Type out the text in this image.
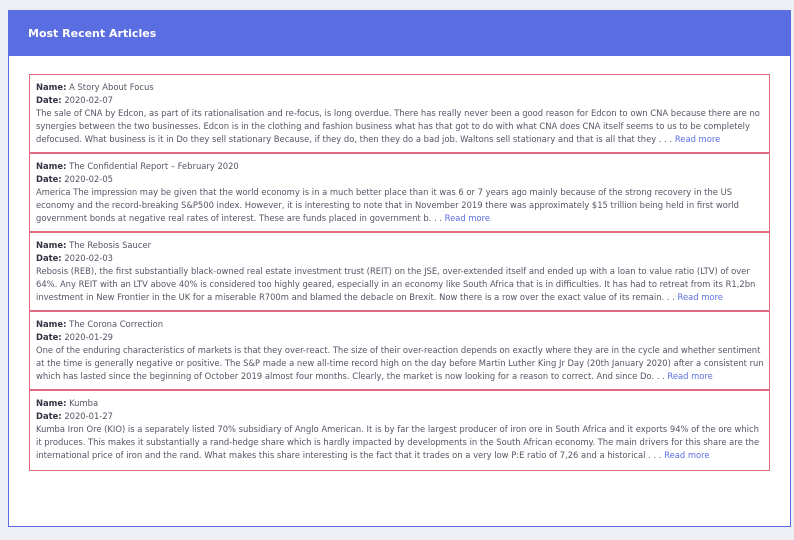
Most Recent Articles
Name: A Story About Focus
Date: 2020-02-07
The sale of CNA by Edcon, as part of its rationalisation and re-focus, is long overdue. There has really never been a good reason for Edcon to own CNA because there are no synergies between the two businesses. Edcon is in the clothing and fashion business what has that got to do with what CNA does CNA itself seems to us to be completely defocused. What business is it in Do they sell stationary Because, if they do, then they do a bad job. Waltons sell stationary and that is all that they . . . Read more
Name: The Confidential Report – February 2020
Date: 2020-02-05
America The impression may be given that the world economy is in a much better place than it was 6 or 7 years ago mainly because of the strong recovery in the US economy and the record-breaking S&P500 index. However, it is interesting to note that in November 2019 there was approximately $15 trillion being held in first world government bonds at negative real rates of interest. These are funds placed in government b. . . Read more
Name: The Rebosis Saucer
Date: 2020-02-03
Rebosis (REB), the first substantially black-owned real estate investment trust (REIT) on the JSE, over-extended itself and ended up with a loan to value ratio (LTV) of over 64%. Any REIT with an LTV above 40% is considered too highly geared, especially in an economy like South Africa that is in difficulties. It has had to retreat from its R1,2bn investment in New Frontier in the UK for a miserable R700m and blamed the debacle on Brexit. Now there is a row over the exact value of its remain. . . Read more
Name: The Corona Correction
Date: 2020-01-29
One of the enduring characteristics of markets is that they over-react. The size of their over-reaction depends on exactly where they are in the cycle and whether sentiment at the time is generally negative or positive. The S&P made a new all-time record high on the day before Martin Luther King Jr Day (20th January 2020) after a consistent run which has lasted since the beginning of October 2019 almost four months. Clearly, the market is now looking for a reason to correct. And since Do. . . Read more
Name: Kumba
Date: 2020-01-27
Kumba Iron Ore (KIO) is a separately listed 70% subsidiary of Anglo American. It is by far the largest producer of iron ore in South Africa and it exports 94% of the ore which it produces. This makes it substantially a rand-hedge share which is hardly impacted by developments in the South African economy. The main drivers for this share are the international price of iron and the rand. What makes this share interesting is the fact that it trades on a very low P:E ratio of 7,26 and a historical . . . Read more
